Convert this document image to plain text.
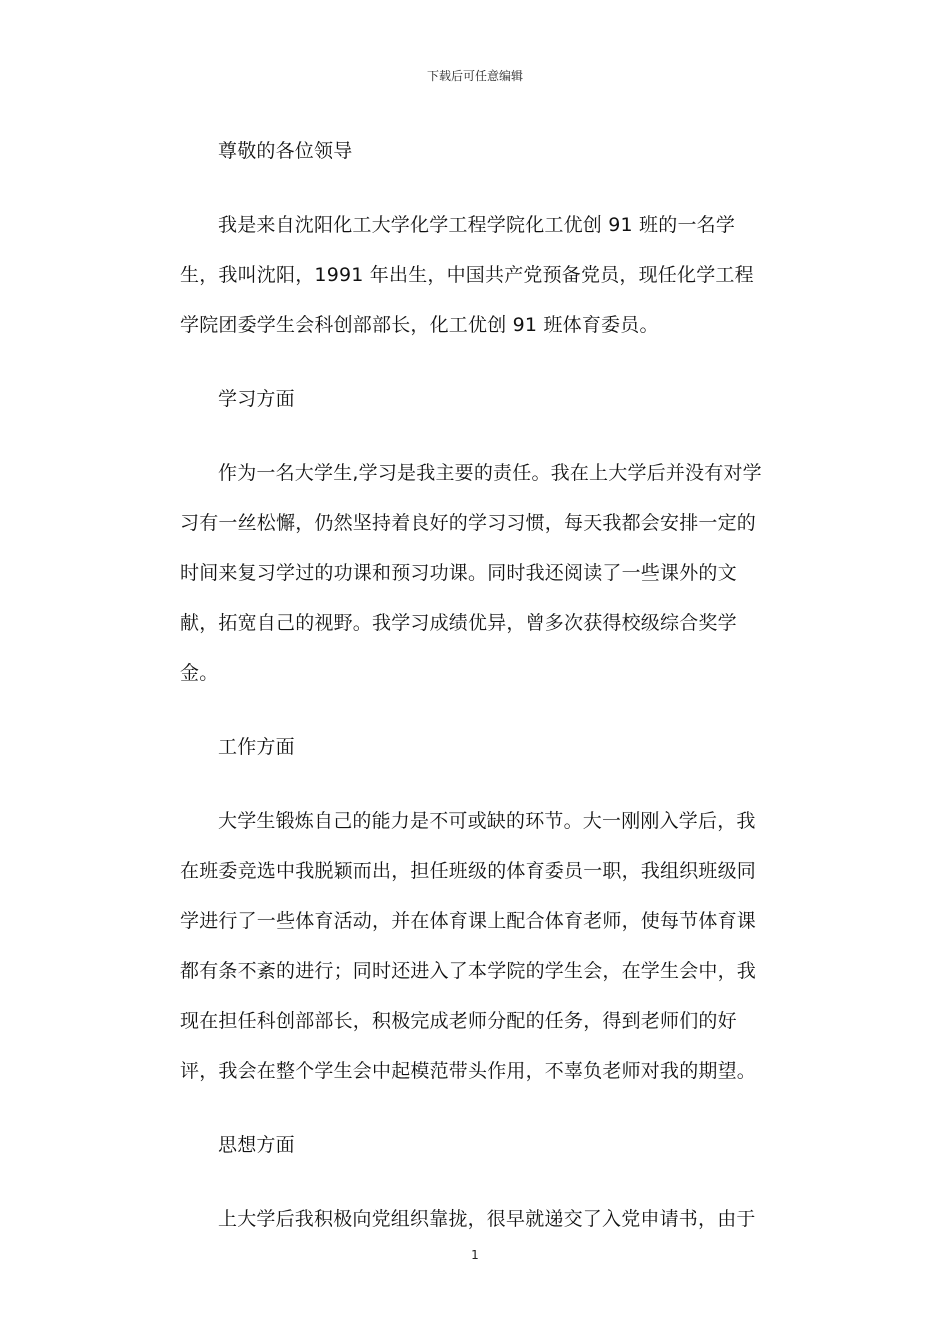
下载后可任意编辑

尊敬的各位领导

我是来自沈阳化工大学化学工程学院化工优创 91 班的一名学生，我叫沈阳，1991 年出生，中国共产党预备党员，现任化学工程学院团委学生会科创部部长，化工优创 91 班体育委员。

学习方面

作为一名大学生,学习是我主要的责任。我在上大学后并没有对学习有一丝松懈，仍然坚持着良好的学习习惯，每天我都会安排一定的时间来复习学过的功课和预习功课。同时我还阅读了一些课外的文献，拓宽自己的视野。我学习成绩优异，曾多次获得校级综合奖学金。

工作方面

大学生锻炼自己的能力是不可或缺的环节。大一刚刚入学后，我在班委竞选中我脱颖而出，担任班级的体育委员一职，我组织班级同学进行了一些体育活动，并在体育课上配合体育老师，使每节体育课都有条不紊的进行；同时还进入了本学院的学生会，在学生会中，我现在担任科创部部长，积极完成老师分配的任务，得到老师们的好评，我会在整个学生会中起模范带头作用，不辜负老师对我的期望。

思想方面

上大学后我积极向党组织靠拢，很早就递交了入党申请书，由于

1
